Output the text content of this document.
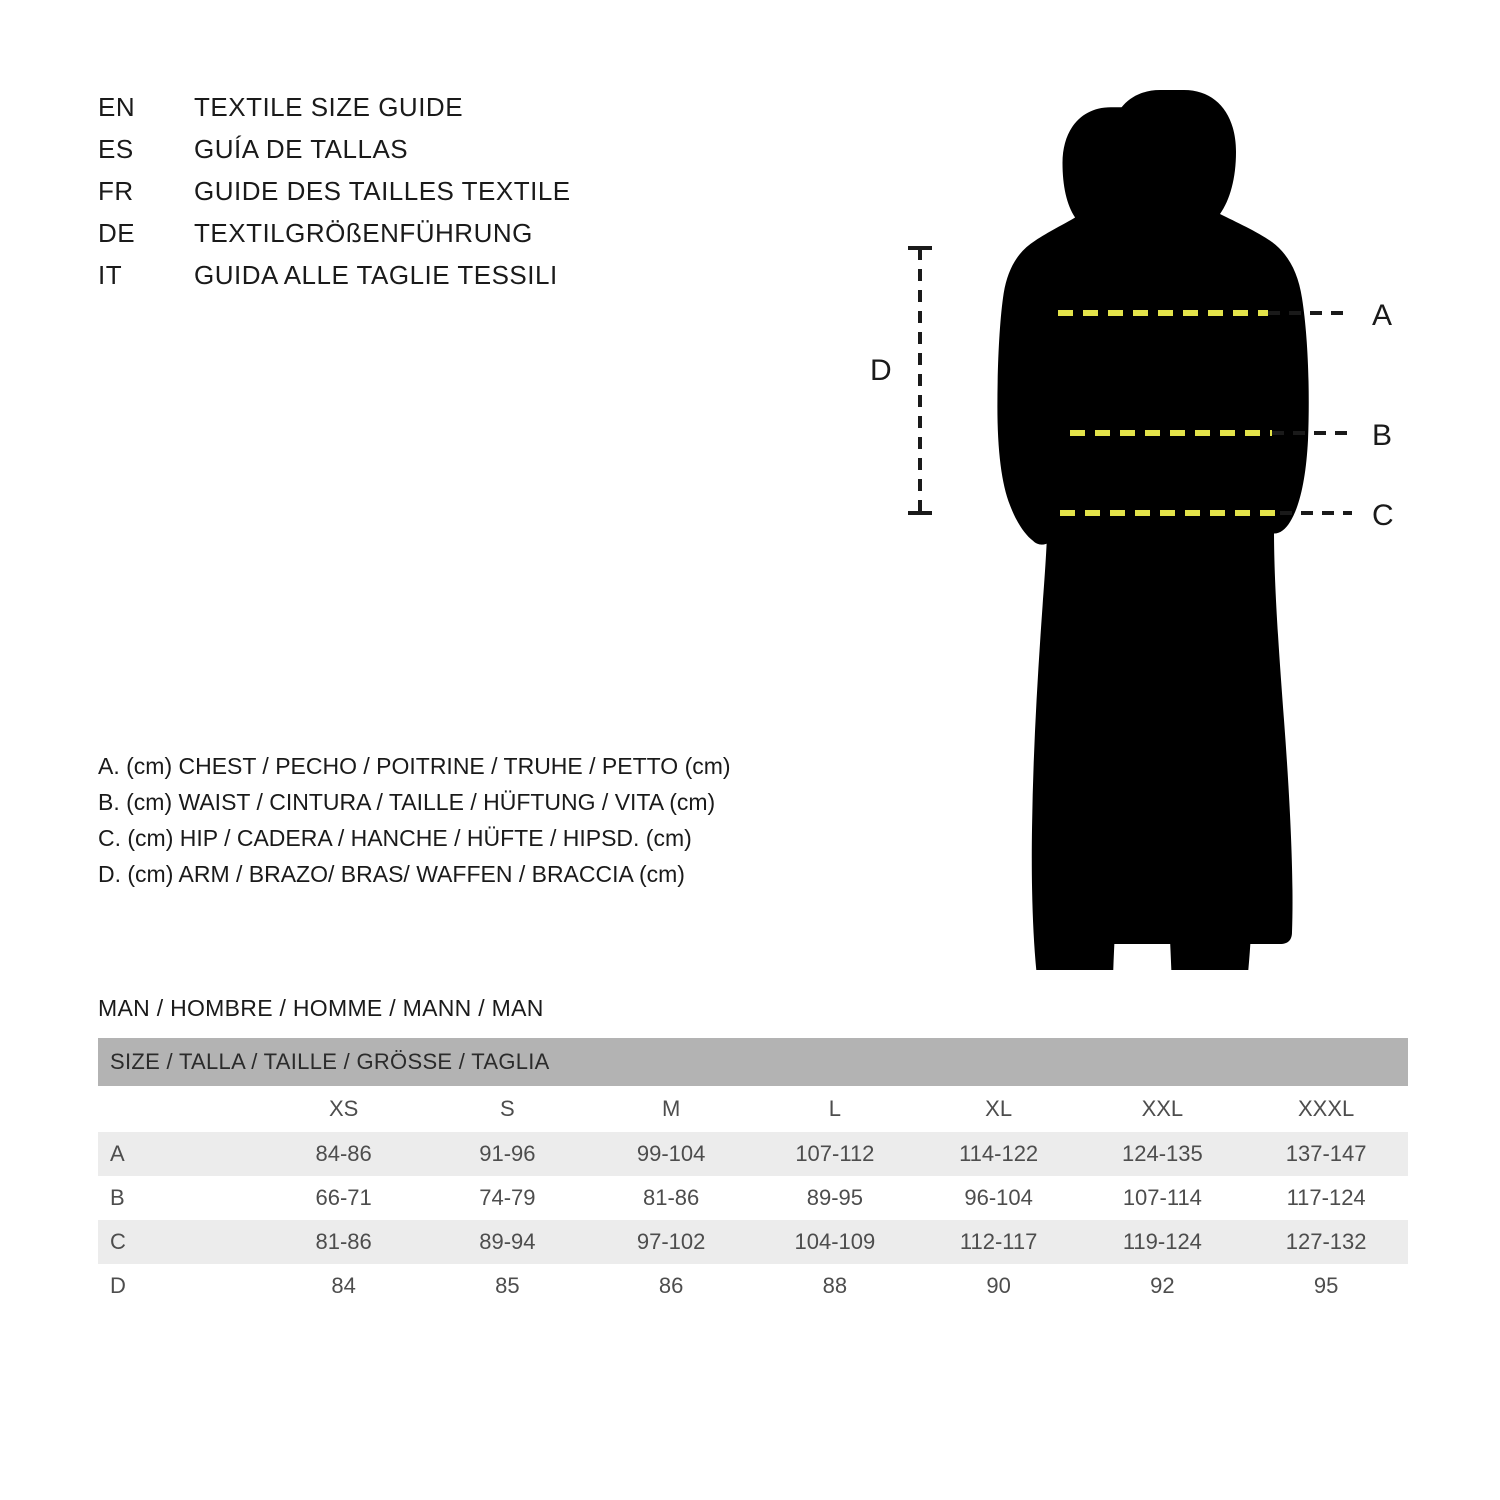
EN	TEXTILE SIZE GUIDE
ES	GUÍA DE TALLAS
FR	GUIDE DES TAILLES TEXTILE
DE	TEXTILGRÖßENFÜHRUNG
IT	GUIDA ALLE TAGLIE TESSILI
A. (cm) CHEST / PECHO / POITRINE / TRUHE / PETTO (cm)
B. (cm) WAIST / CINTURA / TAILLE / HÜFTUNG / VITA (cm)
C. (cm) HIP / CADERA / HANCHE / HÜFTE / HIPSD. (cm)
D. (cm) ARM / BRAZO/ BRAS/ WAFFEN / BRACCIA (cm)
A
B
C
D
MAN / HOMBRE / HOMME / MANN / MAN
SIZE / TALLA / TAILLE / GRÖSSE / TAGLIA							
	XS	S	M	L	XL	XXL	XXXL
A	84-86	91-96	99-104	107-112	114-122	124-135	137-147
B	66-71	74-79	81-86	89-95	96-104	107-114	117-124
C	81-86	89-94	97-102	104-109	112-117	119-124	127-132
D	84	85	86	88	90	92	95
